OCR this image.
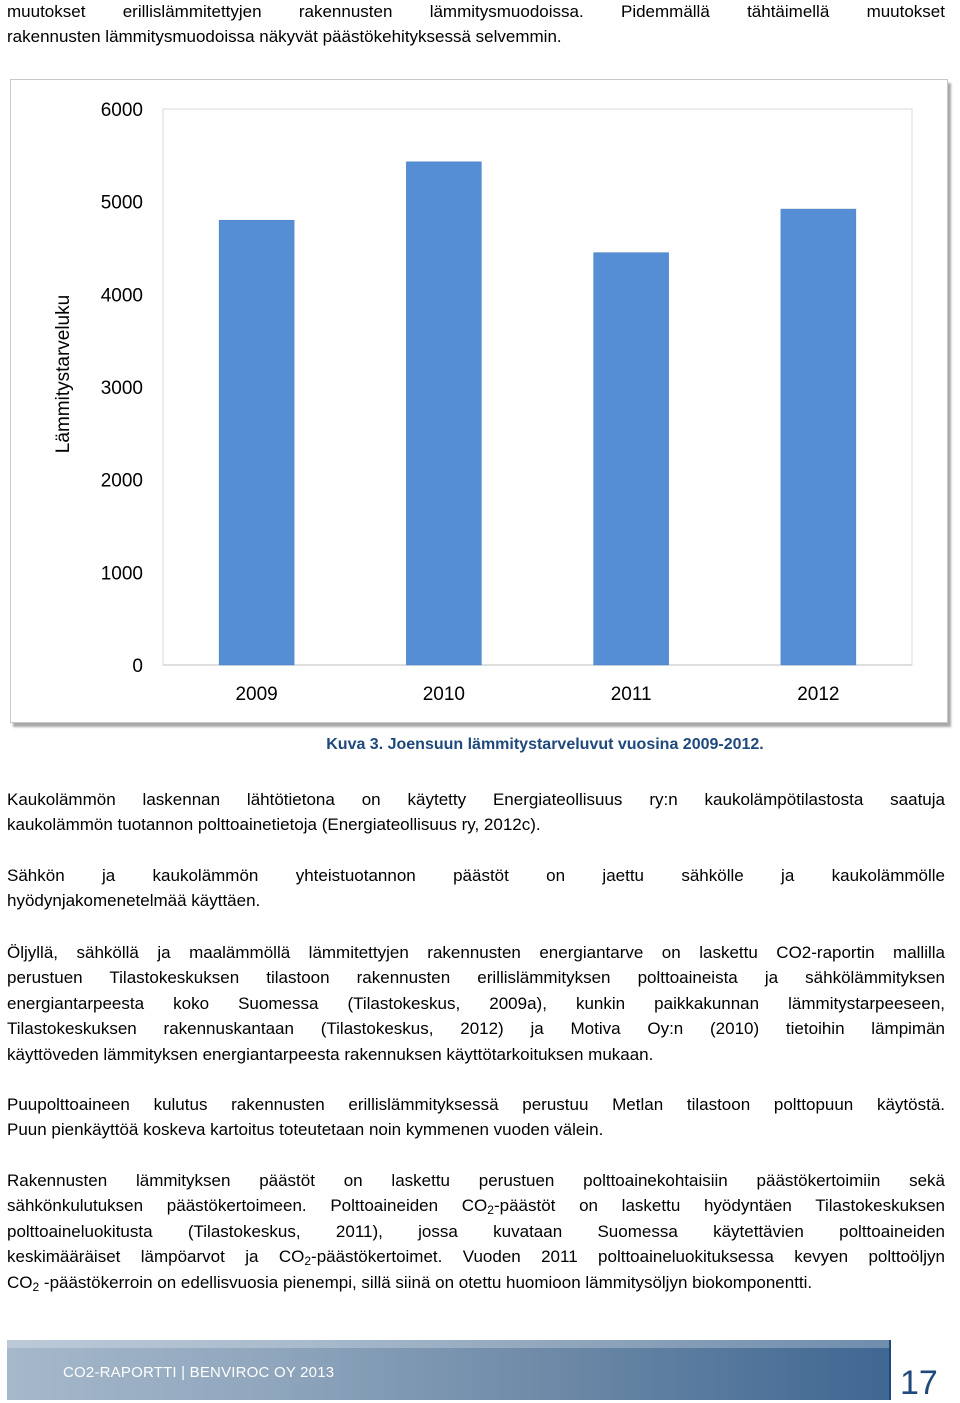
muutokset erillislämmitettyjen rakennusten lämmitysmuodoissa. Pidemmällä tähtäimellä muutokset
rakennusten lämmitysmuodoissa näkyvät päästökehityksessä selvemmin.
Lämmitystarveluku
0
1000
2000
3000
4000
5000
6000
2009	2010	2011	2012
Kuva 3. Joensuun lämmitystarveluvut vuosina 2009-2012.
Kaukolämmön laskennan lähtötietona on käytetty Energiateollisuus ry:n kaukolämpötilastosta saatuja
kaukolämmön tuotannon polttoainetietoja (Energiateollisuus ry, 2012c).
Sähkön ja kaukolämmön yhteistuotannon päästöt on jaettu sähkölle ja kaukolämmölle
hyödynjakomenetelmää käyttäen.
Öljyllä, sähköllä ja maalämmöllä lämmitettyjen rakennusten energiantarve on laskettu CO2-raportin mallilla
perustuen Tilastokeskuksen tilastoon rakennusten erillislämmityksen polttoaineista ja sähkölämmityksen
energiantarpeesta koko Suomessa (Tilastokeskus, 2009a), kunkin paikkakunnan lämmitystarpeeseen,
Tilastokeskuksen rakennuskantaan (Tilastokeskus, 2012) ja Motiva Oy:n (2010) tietoihin lämpimän
käyttöveden lämmityksen energiantarpeesta rakennuksen käyttötarkoituksen mukaan.
Puupolttoaineen kulutus rakennusten erillislämmityksessä perustuu Metlan tilastoon polttopuun käytöstä.
Puun pienkäyttöä koskeva kartoitus toteutetaan noin kymmenen vuoden välein.
Rakennusten lämmityksen päästöt on laskettu perustuen polttoainekohtaisiin päästökertoimiin sekä
sähkönkulutuksen päästökertoimeen. Polttoaineiden $CO_2$-päästöt on laskettu hyödyntäen Tilastokeskuksen
polttoaineluokitusta (Tilastokeskus, 2011), jossa kuvataan Suomessa käytettävien polttoaineiden
keskimääräiset lämpöarvot ja $CO_2$-päästökertoimet. Vuoden 2011 polttoaineluokituksessa kevyen polttoöljyn
$CO_2$ -päästökerroin on edellisvuosia pienempi, sillä siinä on otettu huomioon lämmitysöljyn biokomponentti.
CO2-RAPORTTI | BENVIROC OY 2013	17
